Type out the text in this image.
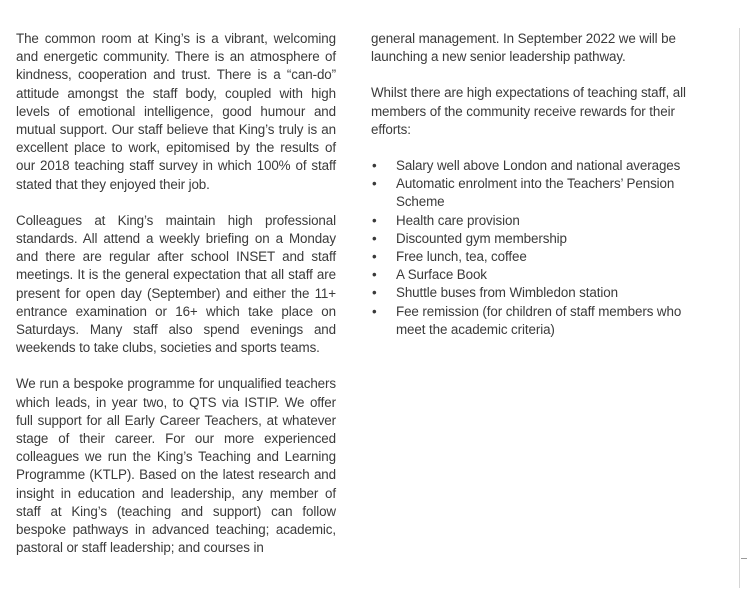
The common room at King’s is a vibrant, welcoming and energetic community. There is an atmosphere of kindness, cooperation and trust. There is a “can-do” attitude amongst the staff body, coupled with high levels of emotional intelligence, good humour and mutual support. Our staff believe that King’s truly is an excellent place to work, epitomised by the results of our 2018 teaching staff survey in which 100% of staff stated that they enjoyed their job.

Colleagues at King’s maintain high professional standards. All attend a weekly briefing on a Monday and there are regular after school INSET and staff meetings. It is the general expectation that all staff are present for open day (September) and either the 11+ entrance examination or 16+ which take place on Saturdays. Many staff also spend evenings and weekends to take clubs, societies and sports teams.

We run a bespoke programme for unqualified teachers which leads, in year two, to QTS via ISTIP. We offer full support for all Early Career Teachers, at whatever stage of their career. For our more experienced colleagues we run the King’s Teaching and Learning Programme (KTLP). Based on the latest research and insight in education and leadership, any member of staff at King’s (teaching and support) can follow bespoke pathways in advanced teaching; academic, pastoral or staff leadership; and courses in

general management. In September 2022 we will be launching a new senior leadership pathway.

Whilst there are high expectations of teaching staff, all members of the community receive rewards for their efforts:

• Salary well above London and national averages
• Automatic enrolment into the Teachers’ Pension Scheme
• Health care provision
• Discounted gym membership
• Free lunch, tea, coffee
• A Surface Book
• Shuttle buses from Wimbledon station
• Fee remission (for children of staff members who meet the academic criteria)
